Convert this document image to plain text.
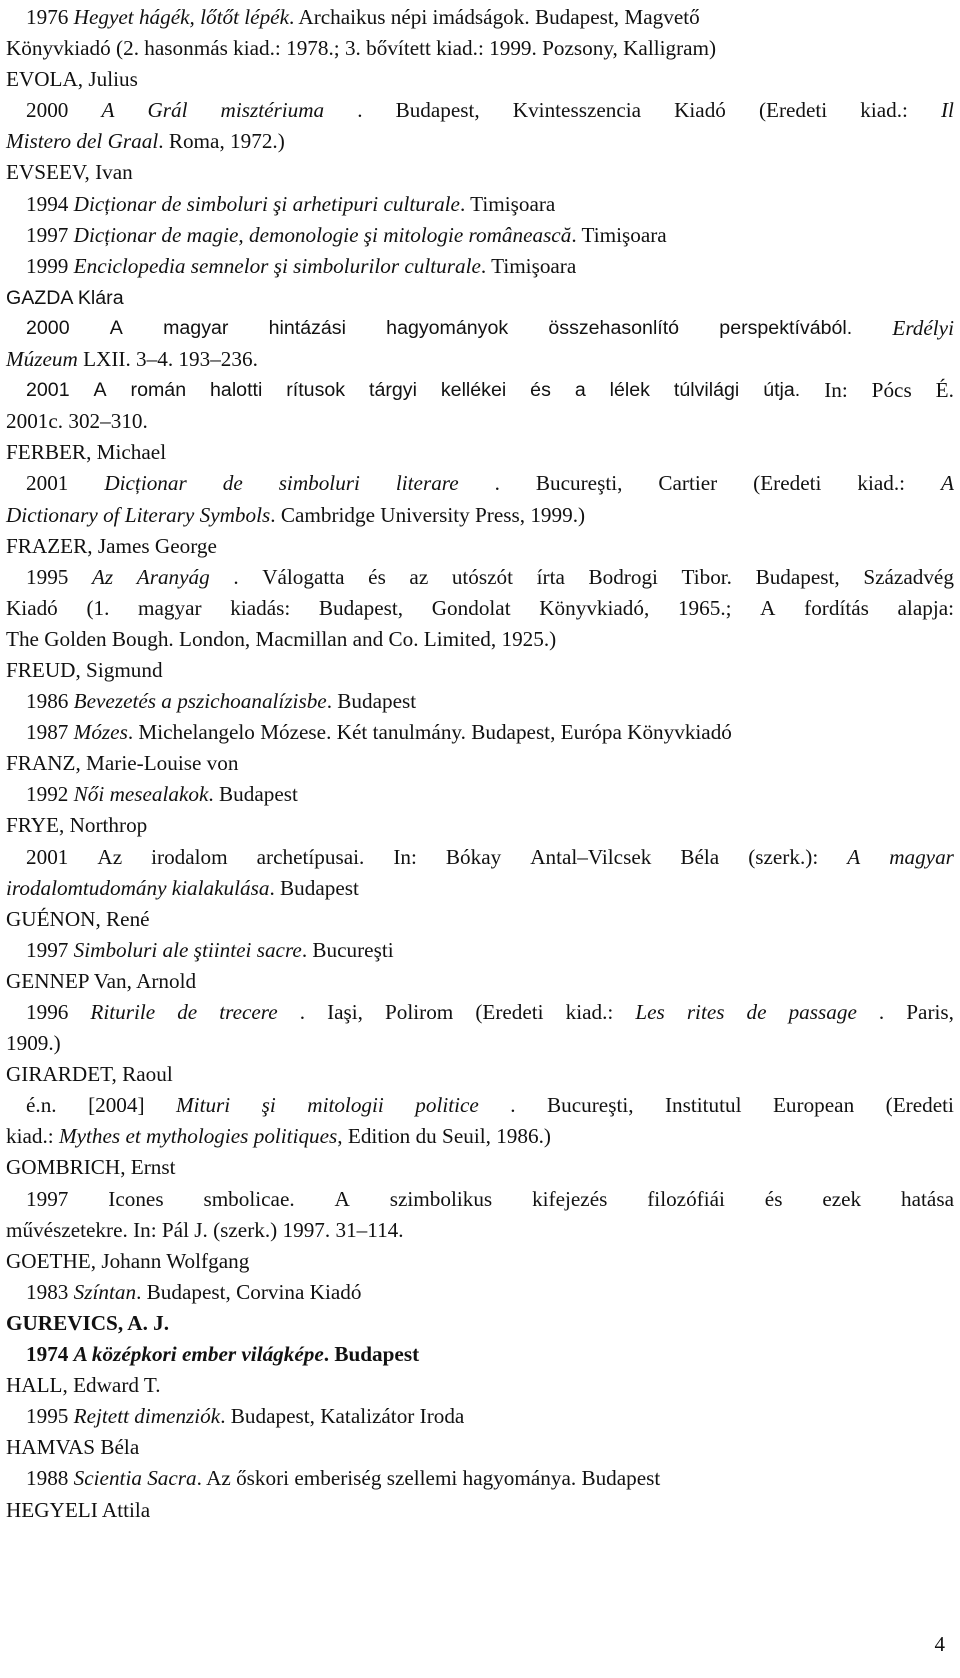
1976 Hegyet hágék, lőtőt lépék. Archaikus népi imádságok. Budapest, Magvető
Könyvkiadó (2. hasonmás kiad.: 1978.; 3. bővített kiad.: 1999. Pozsony, Kalligram)
EVOLA, Julius
2000 A Grál misztériuma . Budapest, Kvintesszencia Kiadó (Eredeti kiad.: Il
Mistero del Graal. Roma, 1972.)
EVSEEV, Ivan
1994 Dicționar de simboluri şi arhetipuri culturale. Timişoara
1997 Dicționar de magie, demonologie şi mitologie românească. Timişoara
1999 Enciclopedia semnelor şi simbolurilor culturale. Timişoara
GAZDA Klára
2000 A magyar hintázási hagyományok összehasonlító perspektívából. Erdélyi
Múzeum LXII. 3–4. 193–236.
2001 A román halotti rítusok tárgyi kellékei és a lélek túlvilági útja. In: Pócs É.
2001c. 302–310.
FERBER, Michael
2001 Dicționar de simboluri literare . Bucureşti, Cartier (Eredeti kiad.: A
Dictionary of Literary Symbols. Cambridge University Press, 1999.)
FRAZER, James George
1995 Az Aranyág . Válogatta és az utószót írta Bodrogi Tibor. Budapest, Századvég
Kiadó (1. magyar kiadás: Budapest, Gondolat Könyvkiadó, 1965.; A fordítás alapja:
The Golden Bough. London, Macmillan and Co. Limited, 1925.)
FREUD, Sigmund
1986 Bevezetés a pszichoanalízisbe. Budapest
1987 Mózes. Michelangelo Mózese. Két tanulmány. Budapest, Európa Könyvkiadó
FRANZ, Marie-Louise von
1992 Női mesealakok. Budapest
FRYE, Northrop
2001 Az irodalom archetípusai. In: Bókay Antal–Vilcsek Béla (szerk.): A magyar
irodalomtudomány kialakulása. Budapest
GUÉNON, René
1997 Simboluri ale ştiintei sacre. Bucureşti
GENNEP Van, Arnold
1996 Riturile de trecere . Iaşi, Polirom (Eredeti kiad.: Les rites de passage . Paris,
1909.)
GIRARDET, Raoul
é.n. [2004] Mituri şi mitologii politice . Bucureşti, Institutul European (Eredeti
kiad.: Mythes et mythologies politiques, Edition du Seuil, 1986.)
GOMBRICH, Ernst
1997 Icones smbolicae. A szimbolikus kifejezés filozófiái és ezek hatása
művészetekre. In: Pál J. (szerk.) 1997. 31–114.
GOETHE, Johann Wolfgang
1983 Színtan. Budapest, Corvina Kiadó
GUREVICS, A. J.
1974 A középkori ember világképe. Budapest
HALL, Edward T.
1995 Rejtett dimenziók. Budapest, Katalizátor Iroda
HAMVAS Béla
1988 Scientia Sacra. Az őskori emberiség szellemi hagyománya. Budapest
HEGYELI Attila
4
